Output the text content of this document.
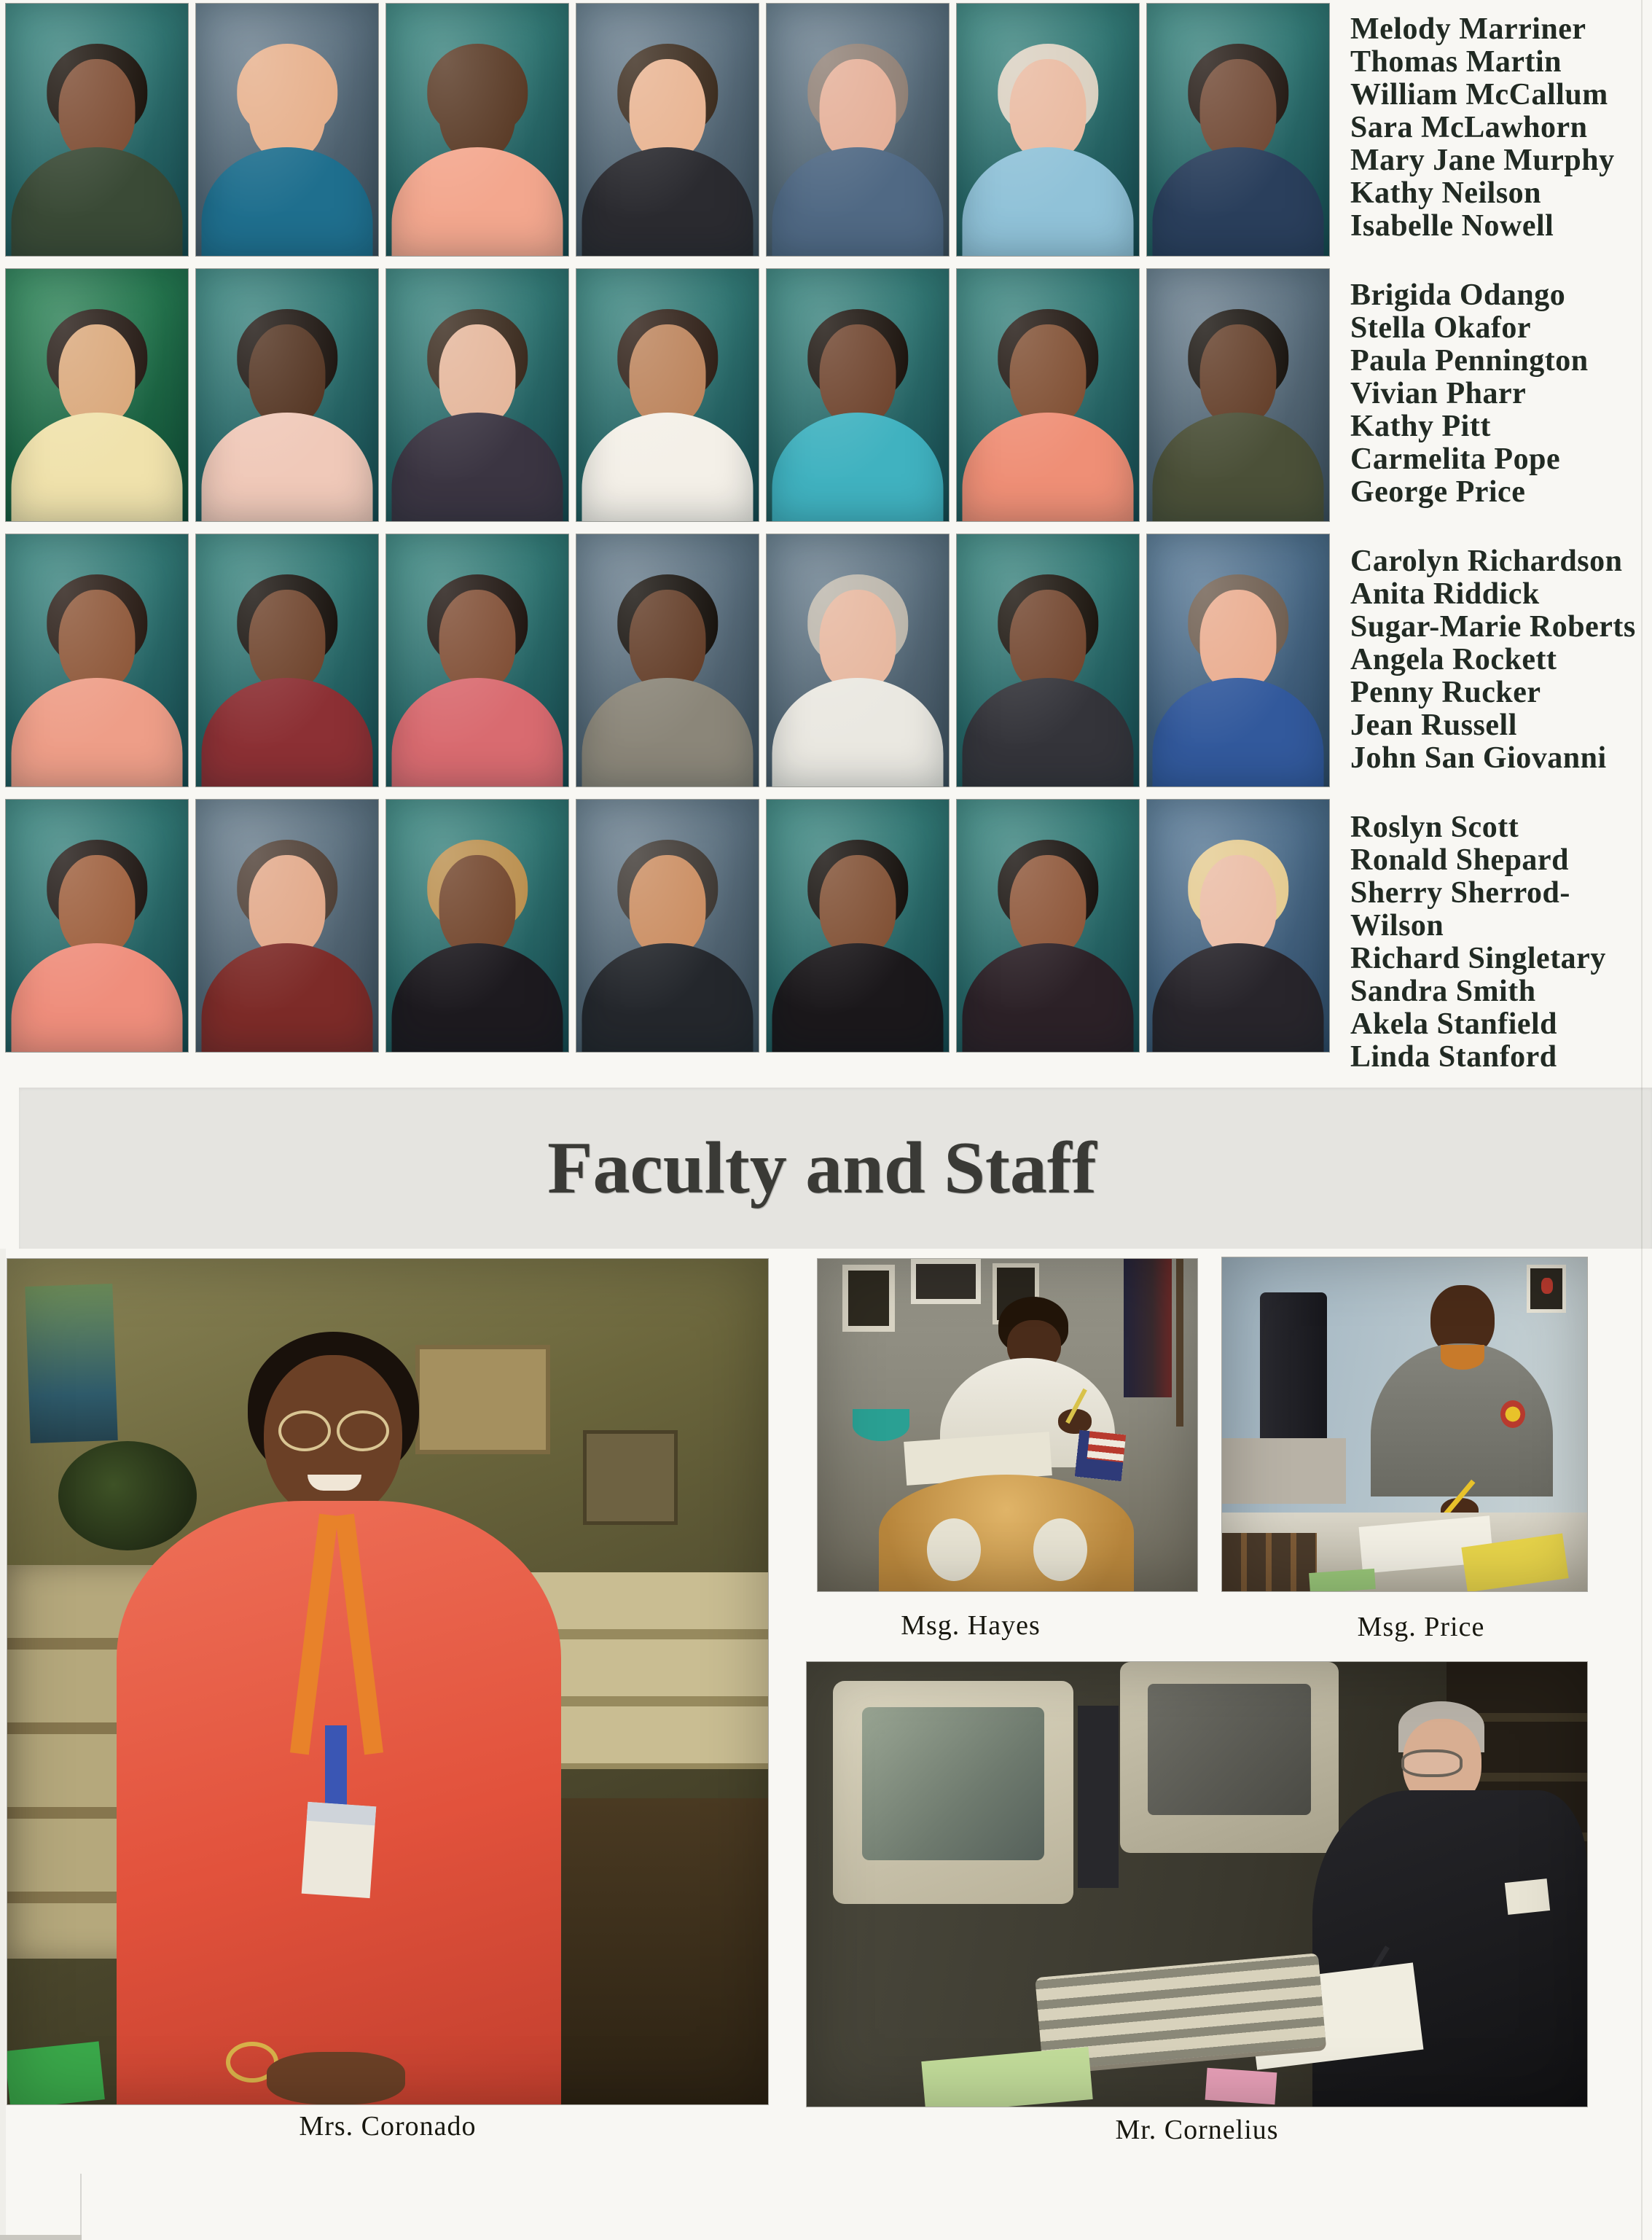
Melody Marriner
Thomas Martin
William McCallum
Sara McLawhorn
Mary Jane Murphy
Kathy Neilson
Isabelle Nowell
Brigida Odango
Stella Okafor
Paula Pennington
Vivian Pharr
Kathy Pitt
Carmelita Pope
George Price
Carolyn Richardson
Anita Riddick
Sugar-Marie Roberts
Angela Rockett
Penny Rucker
Jean Russell
John San Giovanni
Roslyn Scott
Ronald Shepard
Sherry Sherrod-
Wilson
Richard Singletary
Sandra Smith
Akela Stanfield
Linda Stanford
Faculty and Staff
Msg. Hayes	Msg. Price
Mrs. Coronado	Mr. Cornelius
